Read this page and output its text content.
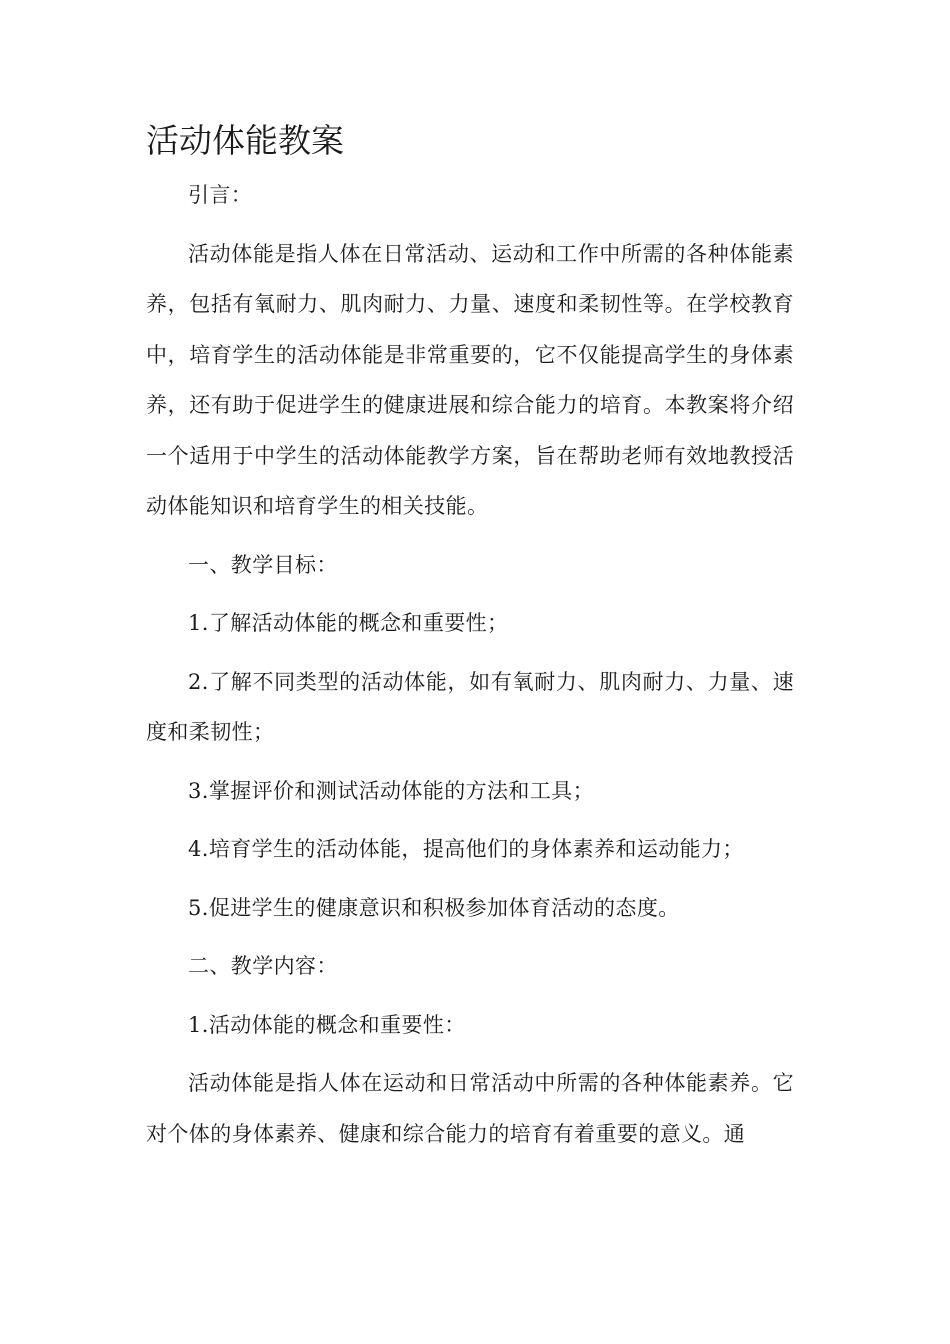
活动体能教案

引言：

活动体能是指人体在日常活动、运动和工作中所需的各种体能素养，包括有氧耐力、肌肉耐力、力量、速度和柔韧性等。在学校教育中，培育学生的活动体能是非常重要的，它不仅能提高学生的身体素养，还有助于促进学生的健康进展和综合能力的培育。本教案将介绍一个适用于中学生的活动体能教学方案，旨在帮助老师有效地教授活动体能知识和培育学生的相关技能。

一、教学目标：

1.了解活动体能的概念和重要性；

2.了解不同类型的活动体能，如有氧耐力、肌肉耐力、力量、速度和柔韧性；

3.掌握评价和测试活动体能的方法和工具；

4.培育学生的活动体能，提高他们的身体素养和运动能力；

5.促进学生的健康意识和积极参加体育活动的态度。

二、教学内容：

1.活动体能的概念和重要性：

活动体能是指人体在运动和日常活动中所需的各种体能素养。它对个体的身体素养、健康和综合能力的培育有着重要的意义。通
